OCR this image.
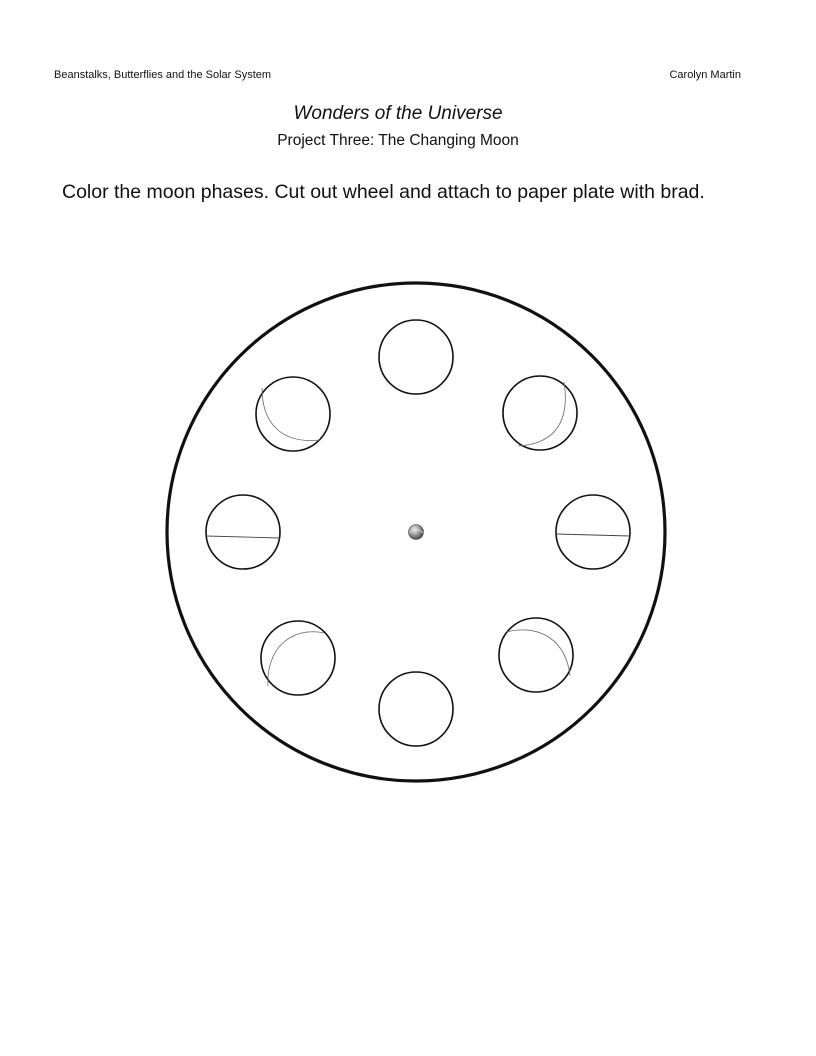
Beanstalks, Butterflies and the Solar System	Carolyn Martin
Wonders of the Universe
Project Three: The Changing Moon
Color the moon phases. Cut out wheel and attach to paper plate with brad.
